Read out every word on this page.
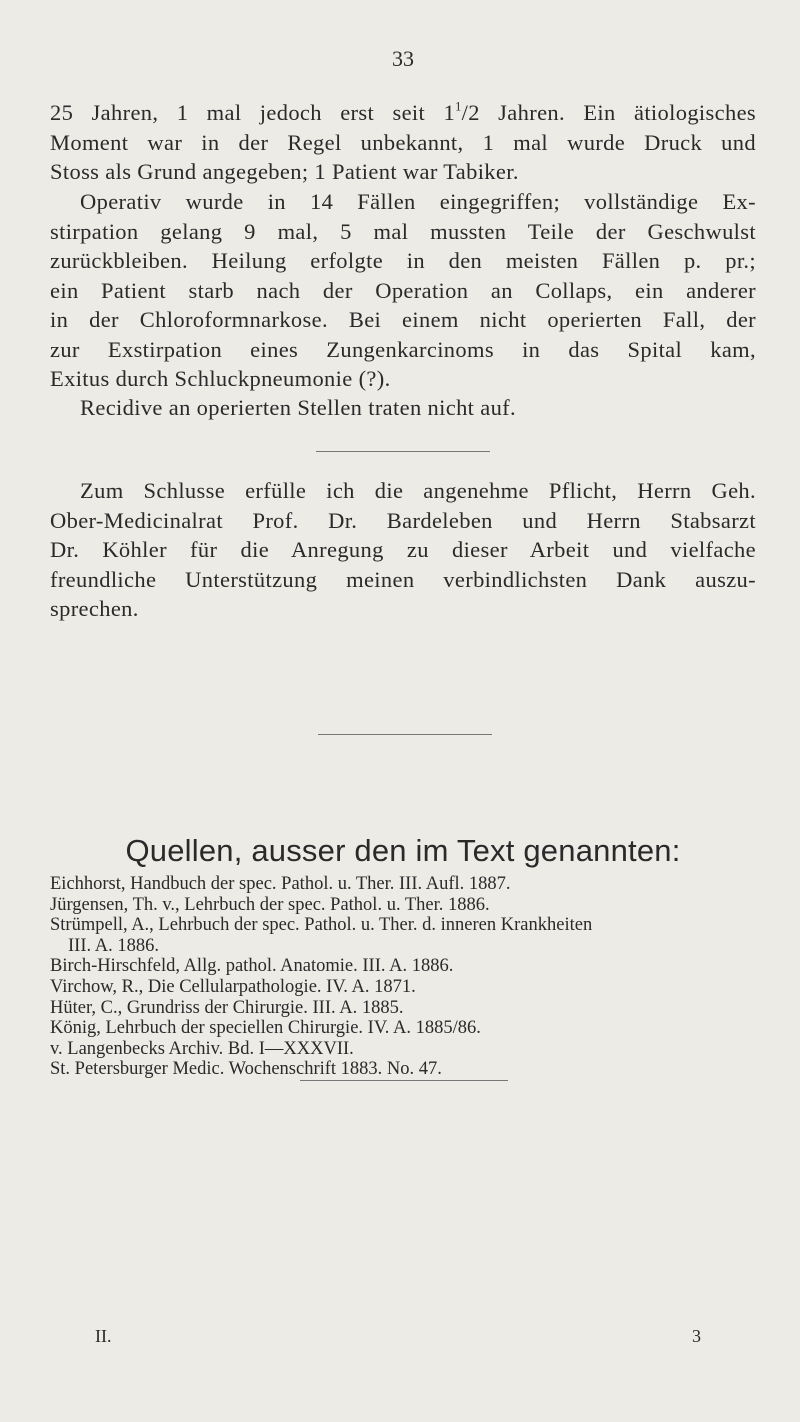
33

25 Jahren, 1 mal jedoch erst seit $1^1/2$ Jahren. Ein ätiologisches
Moment war in der Regel unbekannt, 1 mal wurde Druck und
Stoss als Grund angegeben; 1 Patient war Tabiker.

Operativ wurde in 14 Fällen eingegriffen; vollständige Ex-
stirpation gelang 9 mal, 5 mal mussten Teile der Geschwulst
zurückbleiben. Heilung erfolgte in den meisten Fällen p. pr.;
ein Patient starb nach der Operation an Collaps, ein anderer
in der Chloroformnarkose. Bei einem nicht operierten Fall, der
zur Exstirpation eines Zungenkarcinoms in das Spital kam,
Exitus durch Schluckpneumonie (?).

Recidive an operierten Stellen traten nicht auf.

Zum Schlusse erfülle ich die angenehme Pflicht, Herrn Geh.
Ober-Medicinalrat Prof. Dr. Bardeleben und Herrn Stabsarzt
Dr. Köhler für die Anregung zu dieser Arbeit und vielfache
freundliche Unterstützung meinen verbindlichsten Dank auszu-
sprechen.

Quellen, ausser den im Text genannten:
Eichhorst, Handbuch der spec. Pathol. u. Ther. III. Aufl. 1887.
Jürgensen, Th. v., Lehrbuch der spec. Pathol. u. Ther. 1886.
Strümpell, A., Lehrbuch der spec. Pathol. u. Ther. d. inneren Krankheiten
III. A. 1886.
Birch-Hirschfeld, Allg. pathol. Anatomie. III. A. 1886.
Virchow, R., Die Cellularpathologie. IV. A. 1871.
Hüter, C., Grundriss der Chirurgie. III. A. 1885.
König, Lehrbuch der speciellen Chirurgie. IV. A. 1885/86.
v. Langenbecks Archiv. Bd. I—XXXVII.
St. Petersburger Medic. Wochenschrift 1883. No. 47.
II.	3
